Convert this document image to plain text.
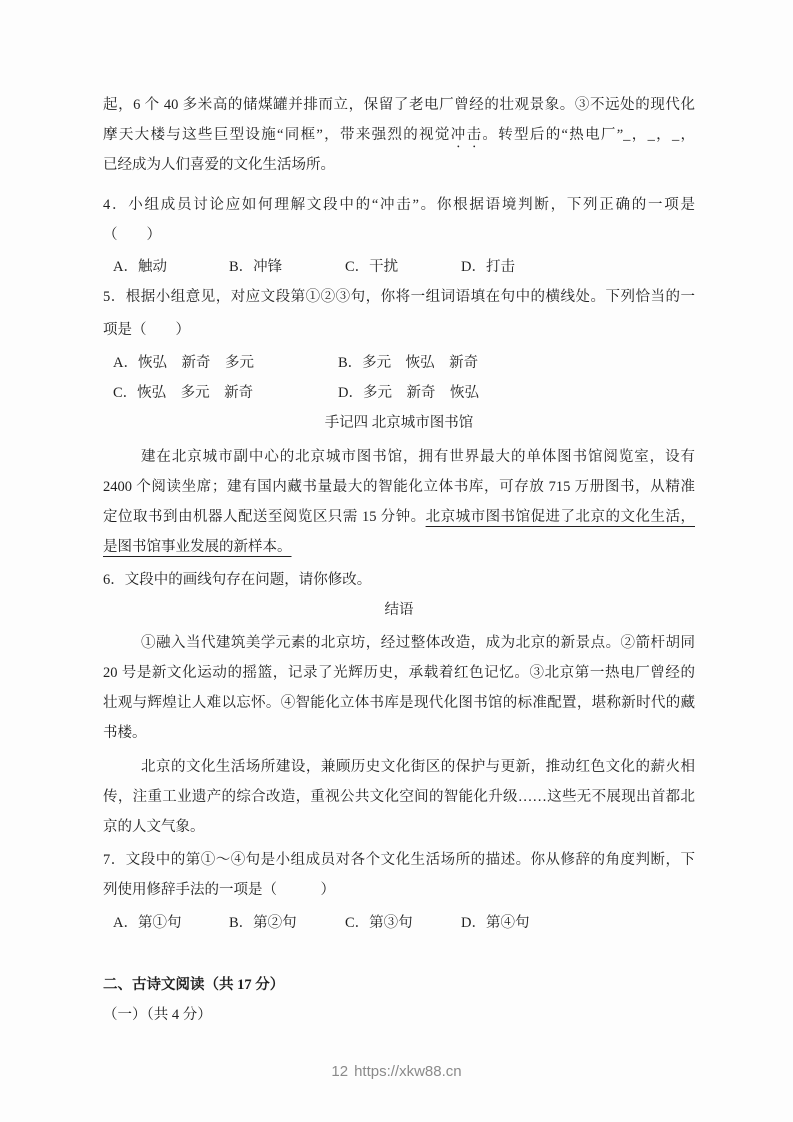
起，6 个 40 多米高的储煤罐并排而立，保留了老电厂曾经的壮观景象。③不远处的现代化
摩天大楼与这些巨型设施“同框”，带来强烈的视觉冲击。转型后的“热电厂”_，_，_，
已经成为人们喜爱的文化生活场所。
4．小组成员讨论应如何理解文段中的“冲击”。你根据语境判断，下列正确的一项是
（　　）
A．触动	B．冲锋	C．干扰	D．打击
5．根据小组意见，对应文段第①②③句，你将一组词语填在句中的横线处。下列恰当的一
项是（　　）
A．恢弘　新奇　多元	B．多元　恢弘　新奇
C．恢弘　多元　新奇	D．多元　新奇　恢弘
手记四 北京城市图书馆
建在北京城市副中心的北京城市图书馆，拥有世界最大的单体图书馆阅览室，设有
2400 个阅读坐席；建有国内藏书量最大的智能化立体书库，可存放 715 万册图书，从精准
定位取书到由机器人配送至阅览区只需 15 分钟。北京城市图书馆促进了北京的文化生活，
是图书馆事业发展的新样本。
6．文段中的画线句存在问题，请你修改。
结语
①融入当代建筑美学元素的北京坊，经过整体改造，成为北京的新景点。②箭杆胡同
20 号是新文化运动的摇篮，记录了光辉历史，承载着红色记忆。③北京第一热电厂曾经的
壮观与辉煌让人难以忘怀。④智能化立体书库是现代化图书馆的标准配置，堪称新时代的藏
书楼。
北京的文化生活场所建设，兼顾历史文化街区的保护与更新，推动红色文化的薪火相
传，注重工业遗产的综合改造，重视公共文化空间的智能化升级……这些无不展现出首都北
京的人文气象。
7．文段中的第①～④句是小组成员对各个文化生活场所的描述。你从修辞的角度判断，下
列使用修辞手法的一项是（　　　）
A．第①句	B．第②句	C．第③句	D．第④句
二、古诗文阅读（共 17 分）
（一）（共 4 分）
12 https://xkw88.cn
